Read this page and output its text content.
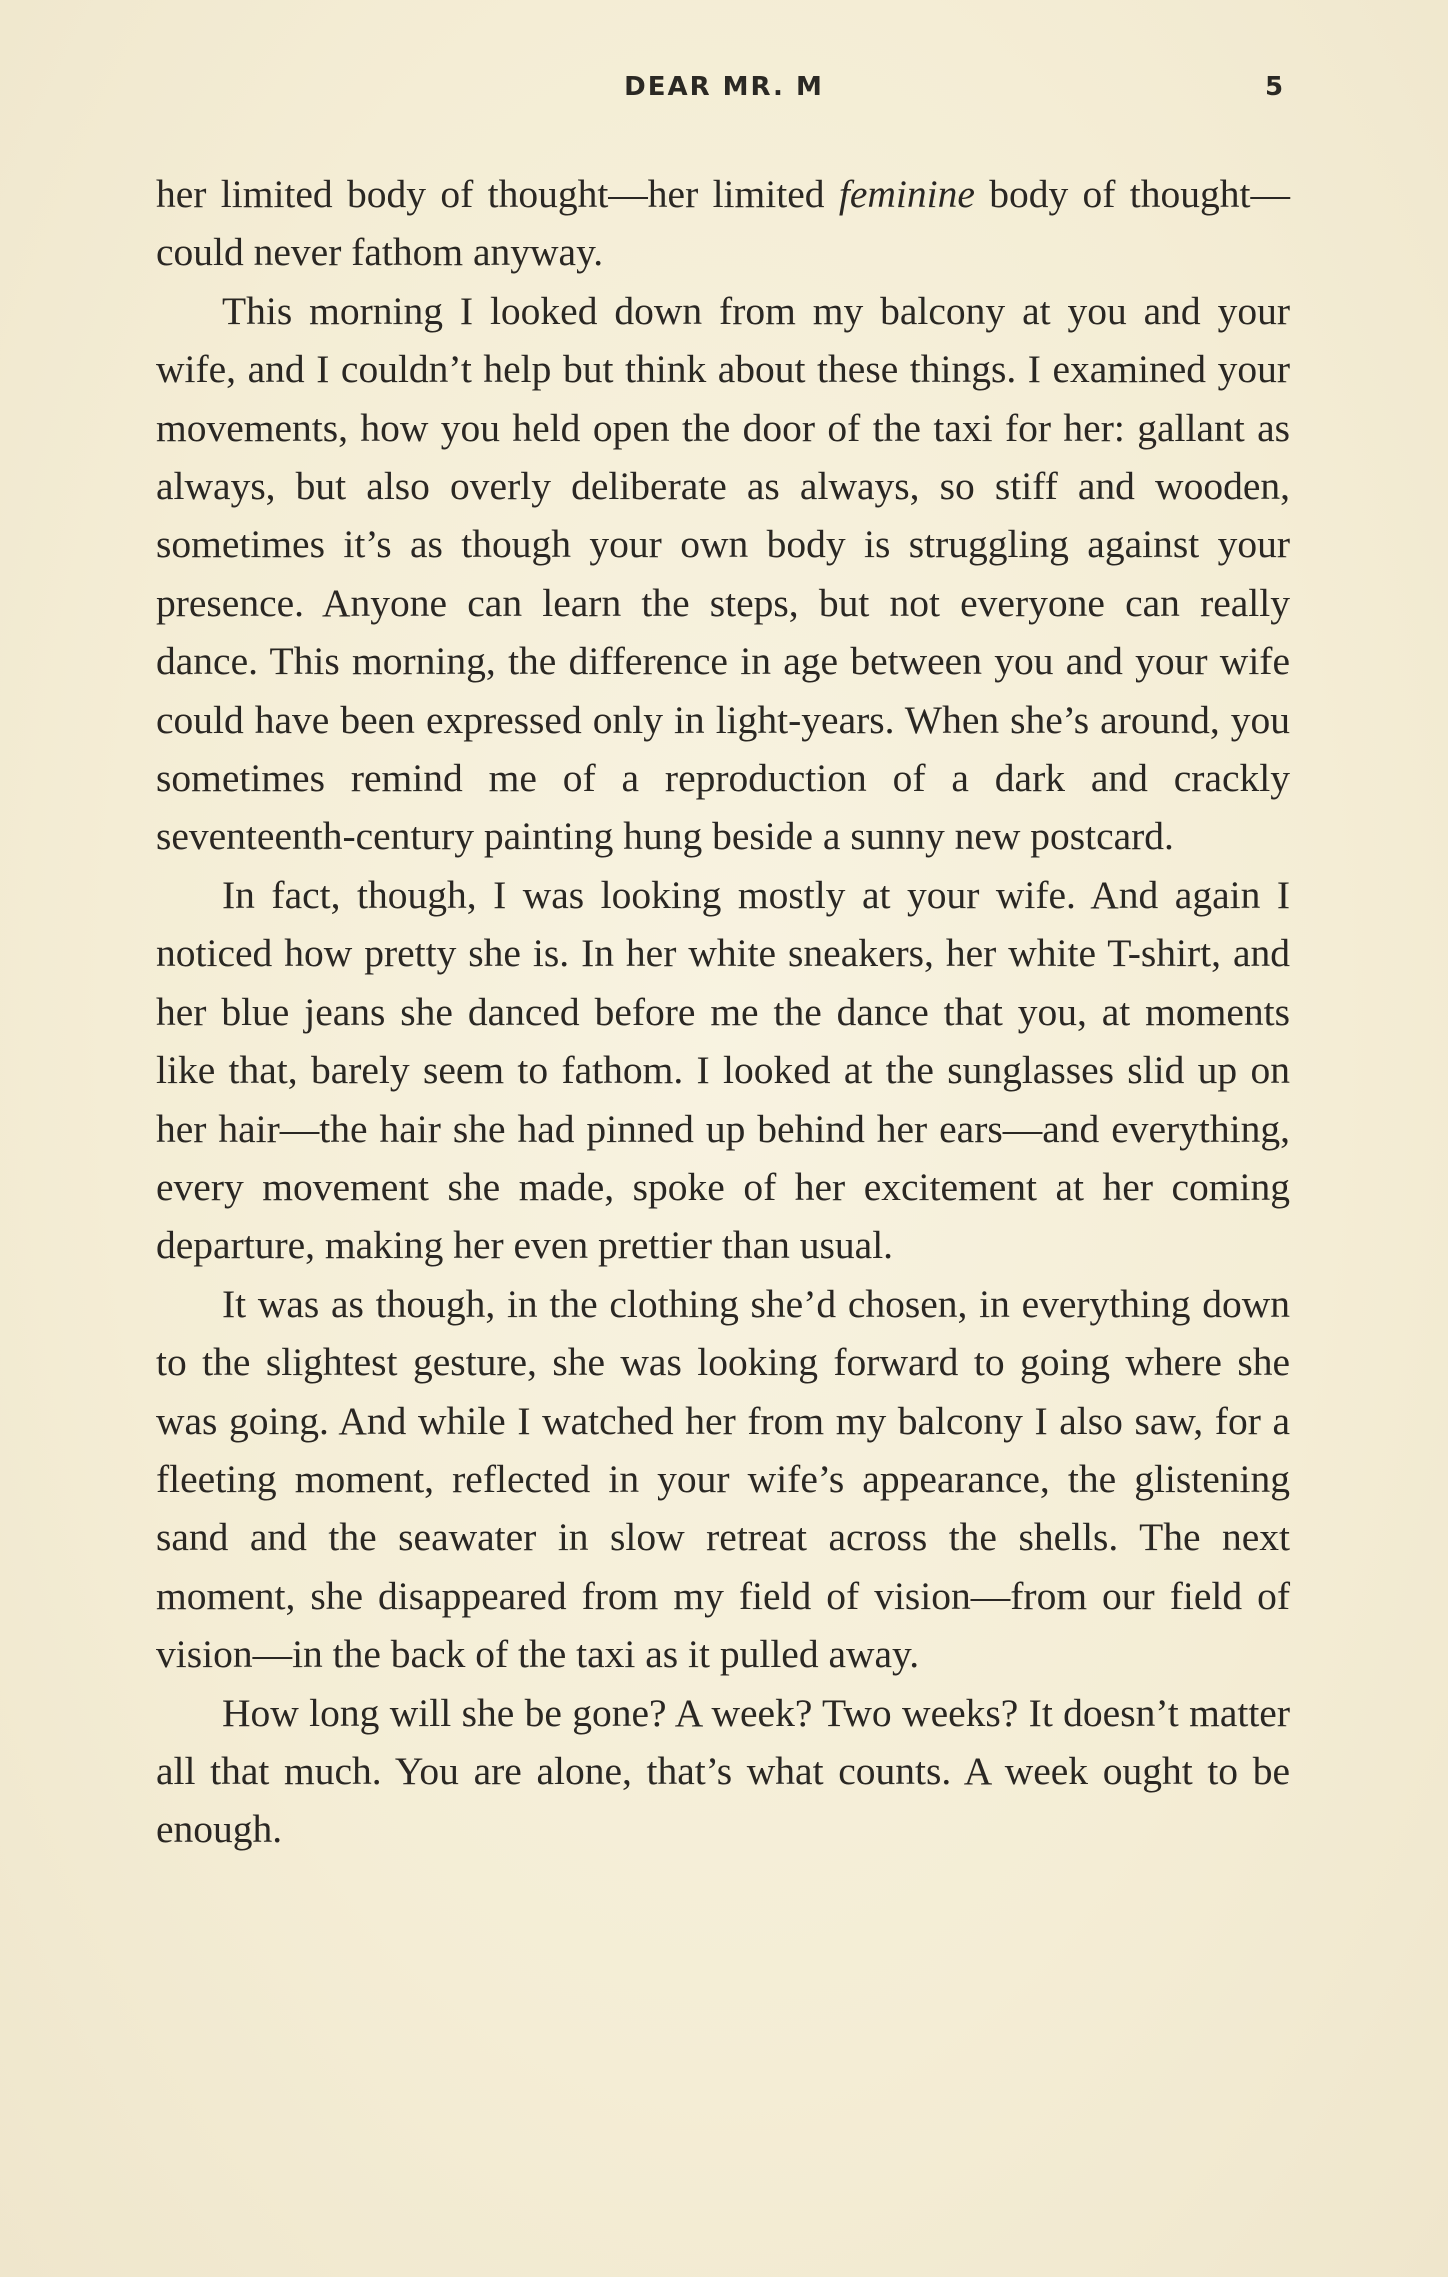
DEAR MR. M	5

her limited body of thought—her limited feminine body of thought—could never fathom anyway.

This morning I looked down from my balcony at you and your wife, and I couldn’t help but think about these things. I examined your movements, how you held open the door of the taxi for her: gallant as always, but also overly deliberate as always, so stiff and wooden, sometimes it’s as though your own body is struggling against your presence. Anyone can learn the steps, but not everyone can really dance. This morning, the difference in age between you and your wife could have been expressed only in light-years. When she’s around, you sometimes remind me of a reproduction of a dark and crackly seventeenth-century painting hung beside a sunny new postcard.

In fact, though, I was looking mostly at your wife. And again I noticed how pretty she is. In her white sneakers, her white T-shirt, and her blue jeans she danced before me the dance that you, at moments like that, barely seem to fathom. I looked at the sunglasses slid up on her hair—the hair she had pinned up behind her ears—and everything, every movement she made, spoke of her excitement at her coming departure, making her even prettier than usual.

It was as though, in the clothing she’d chosen, in everything down to the slightest gesture, she was looking forward to going where she was going. And while I watched her from my balcony I also saw, for a fleeting moment, reflected in your wife’s appearance, the glistening sand and the seawater in slow retreat across the shells. The next moment, she disappeared from my field of vision—from our field of vision—in the back of the taxi as it pulled away.

How long will she be gone? A week? Two weeks? It doesn’t matter all that much. You are alone, that’s what counts. A week ought to be enough.
